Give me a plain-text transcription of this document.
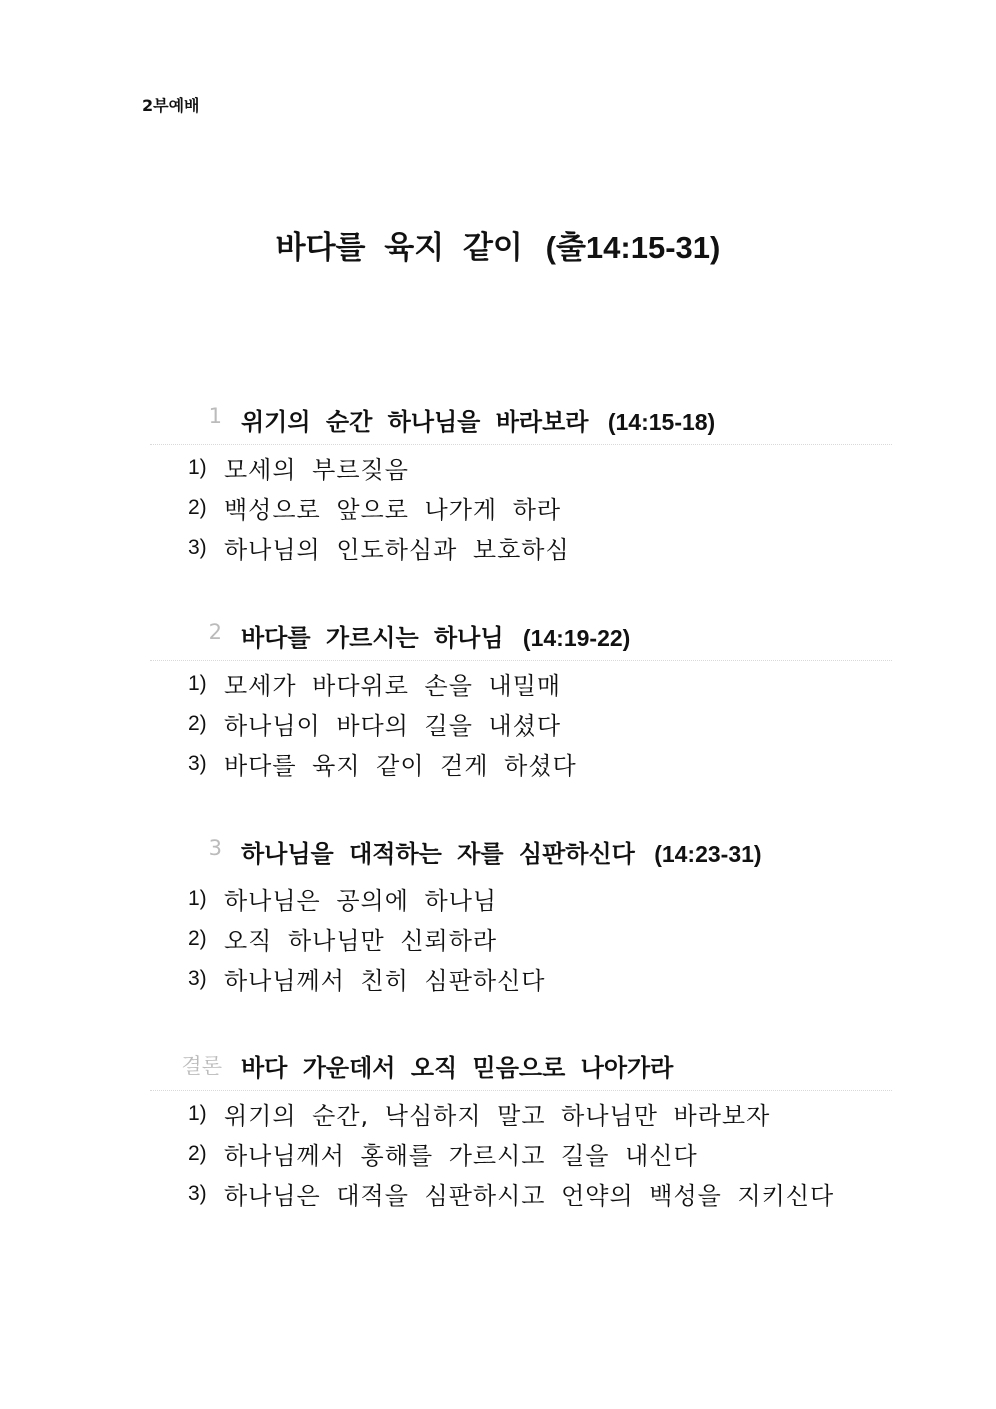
2부예배
바다를 육지 같이 (출14:15-31)
1 위기의 순간 하나님을 바라보라 (14:15-18)
1) 모세의 부르짖음
2) 백성으로 앞으로 나가게 하라
3) 하나님의 인도하심과 보호하심
2 바다를 가르시는 하나님 (14:19-22)
1) 모세가 바다위로 손을 내밀매
2) 하나님이 바다의 길을 내셨다
3) 바다를 육지 같이 걷게 하셨다
3 하나님을 대적하는 자를 심판하신다 (14:23-31)
1) 하나님은 공의에 하나님
2) 오직 하나님만 신뢰하라
3) 하나님께서 친히 심판하신다
결론 바다 가운데서 오직 믿음으로 나아가라
1) 위기의 순간, 낙심하지 말고 하나님만 바라보자
2) 하나님께서 홍해를 가르시고 길을 내신다
3) 하나님은 대적을 심판하시고 언약의 백성을 지키신다
